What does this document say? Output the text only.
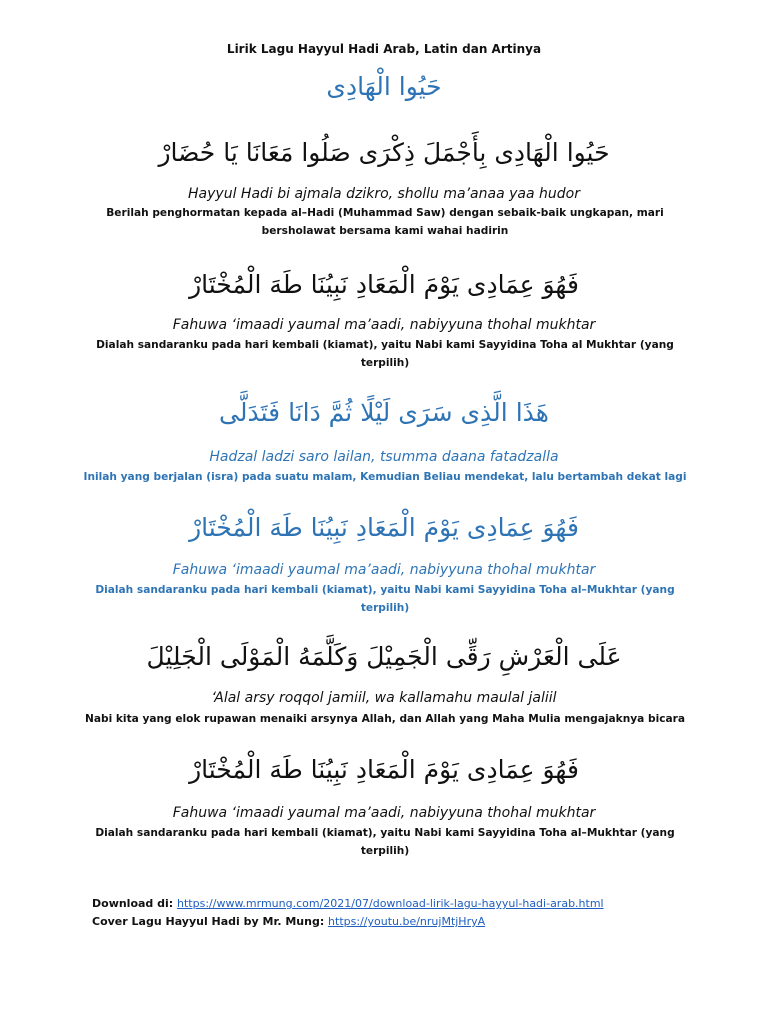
Lirik Lagu Hayyul Hadi Arab, Latin dan Artinya
حَيُوا الْهَادِى
حَيُوا الْهَادِى بِأَجْمَلَ ذِكْرَى صَلُوا مَعَانَا يَا حُضَارْ
Hayyul Hadi bi ajmala dzikro, shollu ma’anaa yaa hudor
Berilah penghormatan kepada al–Hadi (Muhammad Saw) dengan sebaik-baik ungkapan, mari bersholawat bersama kami wahai hadirin
فَهُوَ عِمَادِى يَوْمَ الْمَعَادِ نَبِيُنَا طَهَ الْمُخْتَارْ
Fahuwa ‘imaadi yaumal ma’aadi, nabiyyuna thohal mukhtar
Dialah sandaranku pada hari kembali (kiamat), yaitu Nabi kami Sayyidina Toha al Mukhtar (yang terpilih)
هَذَا الَّذِى سَرَى لَيْلًا ثُمَّ دَانَا فَتَدَلَّى
Hadzal ladzi saro lailan, tsumma daana fatadzalla
Inilah yang berjalan (isra) pada suatu malam, Kemudian Beliau mendekat, lalu bertambah dekat lagi
فَهُوَ عِمَادِى يَوْمَ الْمَعَادِ نَبِيُنَا طَهَ الْمُخْتَارْ
Fahuwa ‘imaadi yaumal ma’aadi, nabiyyuna thohal mukhtar
Dialah sandaranku pada hari kembali (kiamat), yaitu Nabi kami Sayyidina Toha al–Mukhtar (yang terpilih)
عَلَى الْعَرْشِ رَقِّى الْجَمِيْلَ وَكَلَّمَهُ الْمَوْلَى الْجَلِيْلَ
‘Alal arsy roqqol jamiil, wa kallamahu maulal jaliil
Nabi kita yang elok rupawan menaiki arsynya Allah, dan Allah yang Maha Mulia mengajaknya bicara
فَهُوَ عِمَادِى يَوْمَ الْمَعَادِ نَبِيُنَا طَهَ الْمُخْتَارْ
Fahuwa ‘imaadi yaumal ma’aadi, nabiyyuna thohal mukhtar
Dialah sandaranku pada hari kembali (kiamat), yaitu Nabi kami Sayyidina Toha al–Mukhtar (yang terpilih)
Download di: https://www.mrmung.com/2021/07/download-lirik-lagu-hayyul-hadi-arab.html
Cover Lagu Hayyul Hadi by Mr. Mung: https://youtu.be/nrujMtjHryA
